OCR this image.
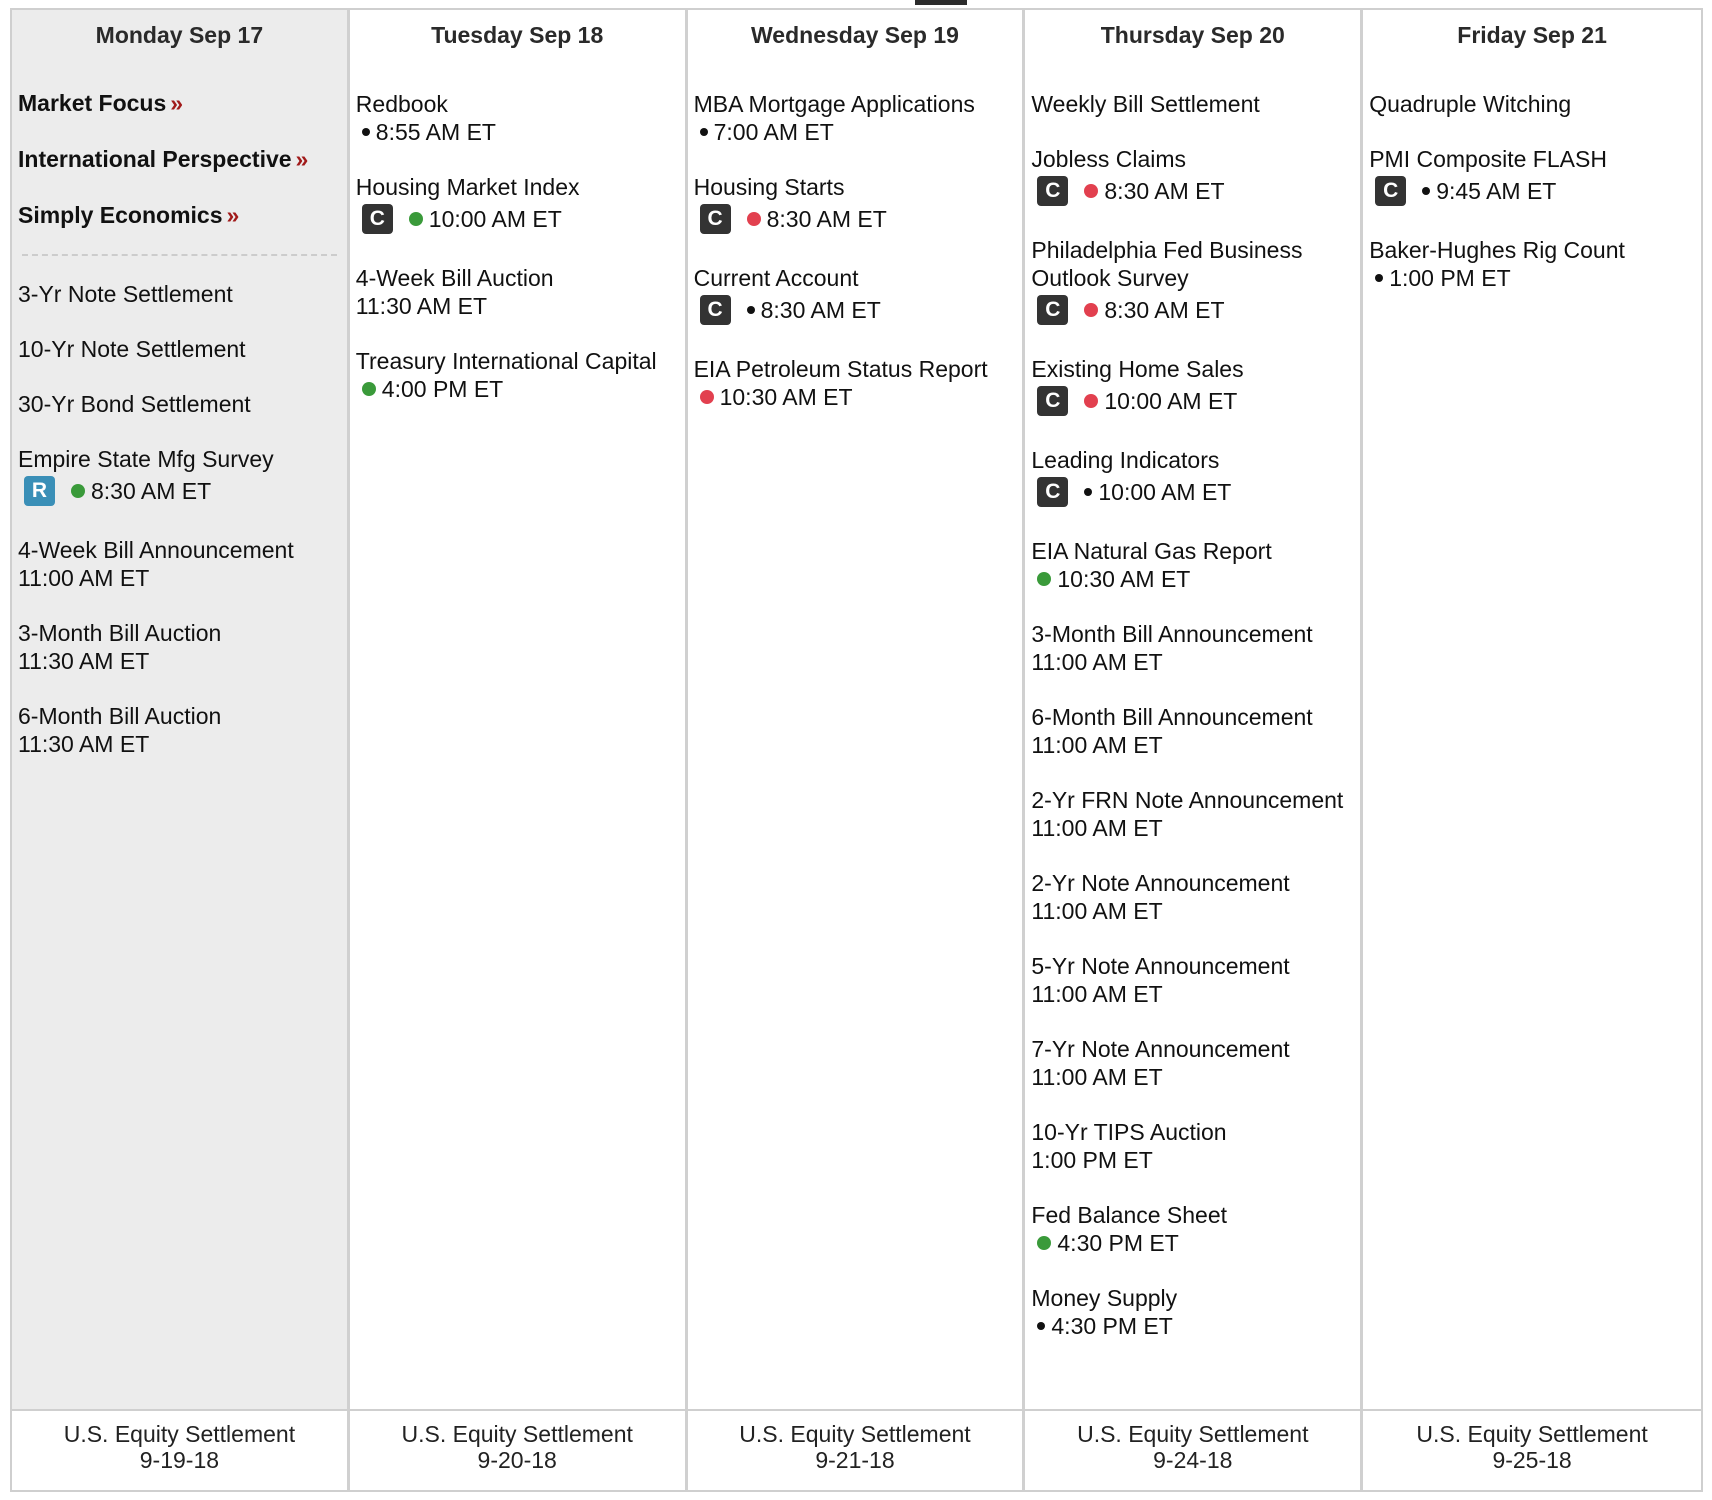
Monday Sep 17
Market Focus »
International Perspective »
Simply Economics »
3-Yr Note Settlement
10-Yr Note Settlement
30-Yr Bond Settlement
Empire State Mfg Survey
R	8:30 AM ET
4-Week Bill Announcement
11:00 AM ET
3-Month Bill Auction
11:30 AM ET
6-Month Bill Auction
11:30 AM ET
Tuesday Sep 18
Redbook
8:55 AM ET
Housing Market Index
C	10:00 AM ET
4-Week Bill Auction
11:30 AM ET
Treasury International Capital
4:00 PM ET
Wednesday Sep 19
MBA Mortgage Applications
7:00 AM ET
Housing Starts
C	8:30 AM ET
Current Account
C	8:30 AM ET
EIA Petroleum Status Report
10:30 AM ET
Thursday Sep 20
Weekly Bill Settlement
Jobless Claims
C	8:30 AM ET
Philadelphia Fed Business Outlook Survey
C	8:30 AM ET
Existing Home Sales
C	10:00 AM ET
Leading Indicators
C	10:00 AM ET
EIA Natural Gas Report
10:30 AM ET
3-Month Bill Announcement
11:00 AM ET
6-Month Bill Announcement
11:00 AM ET
2-Yr FRN Note Announcement
11:00 AM ET
2-Yr Note Announcement
11:00 AM ET
5-Yr Note Announcement
11:00 AM ET
7-Yr Note Announcement
11:00 AM ET
10-Yr TIPS Auction
1:00 PM ET
Fed Balance Sheet
4:30 PM ET
Money Supply
4:30 PM ET
Friday Sep 21
Quadruple Witching
PMI Composite FLASH
C	9:45 AM ET
Baker-Hughes Rig Count
1:00 PM ET
U.S. Equity Settlement
9-19-18
U.S. Equity Settlement
9-20-18
U.S. Equity Settlement
9-21-18
U.S. Equity Settlement
9-24-18
U.S. Equity Settlement
9-25-18
